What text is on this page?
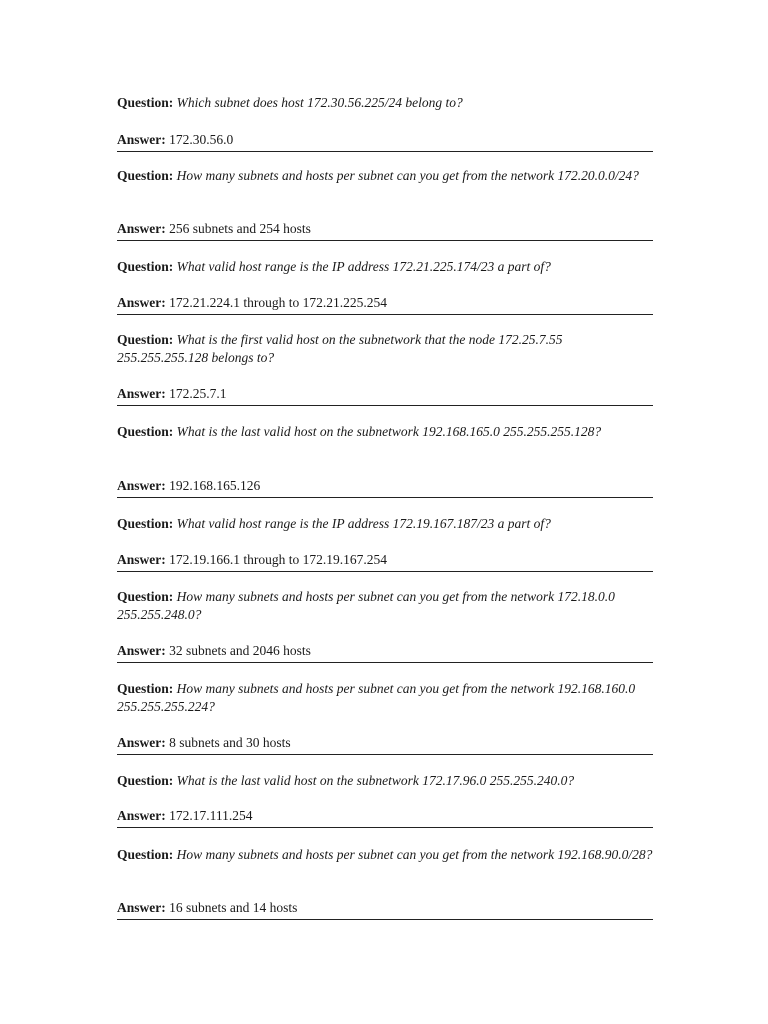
Question: Which subnet does host 172.30.56.225/24 belong to?

Answer: 172.30.56.0

Question: How many subnets and hosts per subnet can you get from the network 172.20.0.0/24?

Answer: 256 subnets and 254 hosts

Question: What valid host range is the IP address 172.21.225.174/23 a part of?

Answer: 172.21.224.1 through to 172.21.225.254

Question: What is the first valid host on the subnetwork that the node 172.25.7.55 255.255.255.128 belongs to?

Answer: 172.25.7.1

Question: What is the last valid host on the subnetwork 192.168.165.0 255.255.255.128?

Answer: 192.168.165.126

Question: What valid host range is the IP address 172.19.167.187/23 a part of?

Answer: 172.19.166.1 through to 172.19.167.254

Question: How many subnets and hosts per subnet can you get from the network 172.18.0.0 255.255.248.0?

Answer: 32 subnets and 2046 hosts

Question: How many subnets and hosts per subnet can you get from the network 192.168.160.0 255.255.255.224?

Answer: 8 subnets and 30 hosts

Question: What is the last valid host on the subnetwork 172.17.96.0 255.255.240.0?

Answer: 172.17.111.254

Question: How many subnets and hosts per subnet can you get from the network 192.168.90.0/28?

Answer: 16 subnets and 14 hosts
